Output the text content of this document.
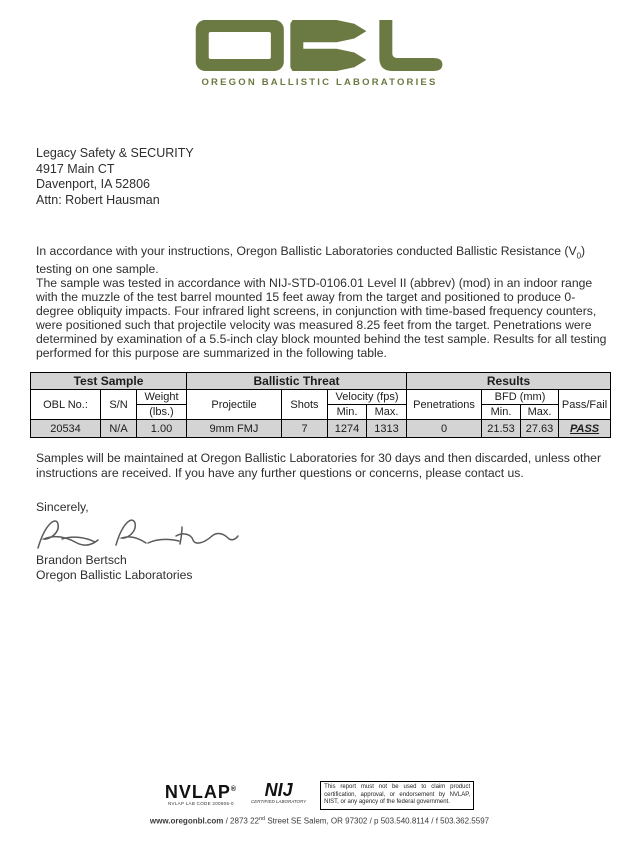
OREGON BALLISTIC LABORATORIES
Legacy Safety & SECURITY
4917 Main CT
Davenport, IA 52806
Attn: Robert Hausman

In accordance with your instructions, Oregon Ballistic Laboratories conducted Ballistic Resistance $(V_0)$ testing on one sample.

The sample was tested in accordance with NIJ-STD-0106.01 Level II (abbrev) (mod) in an indoor range with the muzzle of the test barrel mounted 15 feet away from the target and positioned to produce 0-degree obliquity impacts. Four infrared light screens, in conjunction with time-based frequency counters, were positioned such that projectile velocity was measured 8.25 feet from the target. Penetrations were determined by examination of a 5.5-inch clay block mounted behind the test sample. Results for all testing performed for this purpose are summarized in the following table.

Test Sample			Ballistic Threat				Results			
OBL No.:	S/N	Weight	Projectile	Shots	Velocity (fps)		Penetrations	BFD (mm)		Pass/Fail
		(lbs.)			Min.	Max.		Min.	Max.	
20534	N/A	1.00	9mm FMJ	7	1274	1313	0	21.53	27.63	PASS
Samples will be maintained at Oregon Ballistic Laboratories for 30 days and then discarded, unless other instructions are received. If you have any further questions or concerns, please contact us.
Sincerely,
Brandon Bertsch
Oregon Ballistic Laboratories
NVLAP®
NVLAP LAB CODE 200806-0
NIJ
CERTIFIED LABORATORY
This report must not be used to claim product certification, approval, or endorsement by NVLAP, NIST, or any agency of the federal government.
www.oregonbl.com / 2873 22nd Street SE Salem, OR 97302 / p 503.540.8114 / f 503.362.5597
